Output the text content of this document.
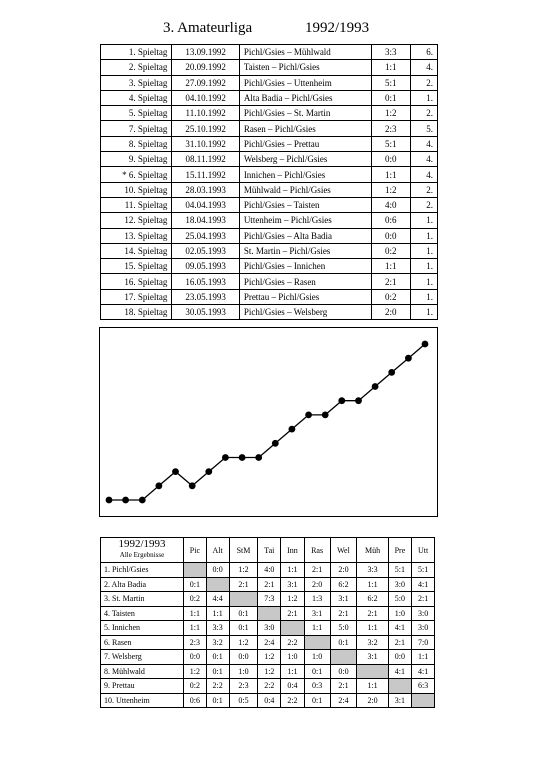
3. Amateurliga	1992/1993
1. Spieltag	13.09.1992	Pichl/Gsies – Mühlwald	3:3	6.
2. Spieltag	20.09.1992	Taisten – Pichl/Gsies	1:1	4.
3. Spieltag	27.09.1992	Pichl/Gsies – Uttenheim	5:1	2.
4. Spieltag	04.10.1992	Alta Badia – Pichl/Gsies	0:1	1.
5. Spieltag	11.10.1992	Pichl/Gsies – St. Martin	1:2	2.
7. Spieltag	25.10.1992	Rasen – Pichl/Gsies	2:3	5.
8. Spieltag	31.10.1992	Pichl/Gsies – Prettau	5:1	4.
9. Spieltag	08.11.1992	Welsberg – Pichl/Gsies	0:0	4.
* 6. Spieltag	15.11.1992	Innichen – Pichl/Gsies	1:1	4.
10. Spieltag	28.03.1993	Mühlwald – Pichl/Gsies	1:2	2.
11. Spieltag	04.04.1993	Pichl/Gsies – Taisten	4:0	2.
12. Spieltag	18.04.1993	Uttenheim – Pichl/Gsies	0:6	1.
13. Spieltag	25.04.1993	Pichl/Gsies – Alta Badia	0:0	1.
14. Spieltag	02.05.1993	St. Martin – Pichl/Gsies	0:2	1.
15. Spieltag	09.05.1993	Pichl/Gsies – Innichen	1:1	1.
16. Spieltag	16.05.1993	Pichl/Gsies – Rasen	2:1	1.
17. Spieltag	23.05.1993	Prettau – Pichl/Gsies	0:2	1.
18. Spieltag	30.05.1993	Pichl/Gsies – Welsberg	2:0	1.
1992/1993
Alle Ergebnisse	Pic	Alt	StM	Tai	Inn	Ras	Wel	Müh	Pre	Utt
1. Pichl/Gsies		0:0	1:2	4:0	1:1	2:1	2:0	3:3	5:1	5:1
2. Alta Badia	0:1		2:1	2:1	3:1	2:0	6:2	1:1	3:0	4:1
3. St. Martin	0:2	4:4		7:3	1:2	1:3	3:1	6:2	5:0	2:1
4. Taisten	1:1	1:1	0:1		2:1	3:1	2:1	2:1	1:0	3:0
5. Innichen	1:1	3:3	0:1	3:0		1:1	5:0	1:1	4:1	3:0
6. Rasen	2:3	3:2	1:2	2:4	2:2		0:1	3:2	2:1	7:0
7. Welsberg	0:0	0:1	0:0	1:2	1:0	1:0		3:1	0:0	1:1
8. Mühlwald	1:2	0:1	1:0	1:2	1:1	0:1	0:0		4:1	4:1
9. Prettau	0:2	2:2	2:3	2:2	0:4	0:3	2:1	1:1		6:3
10. Uttenheim	0:6	0:1	0:5	0:4	2:2	0:1	2:4	2:0	3:1	
